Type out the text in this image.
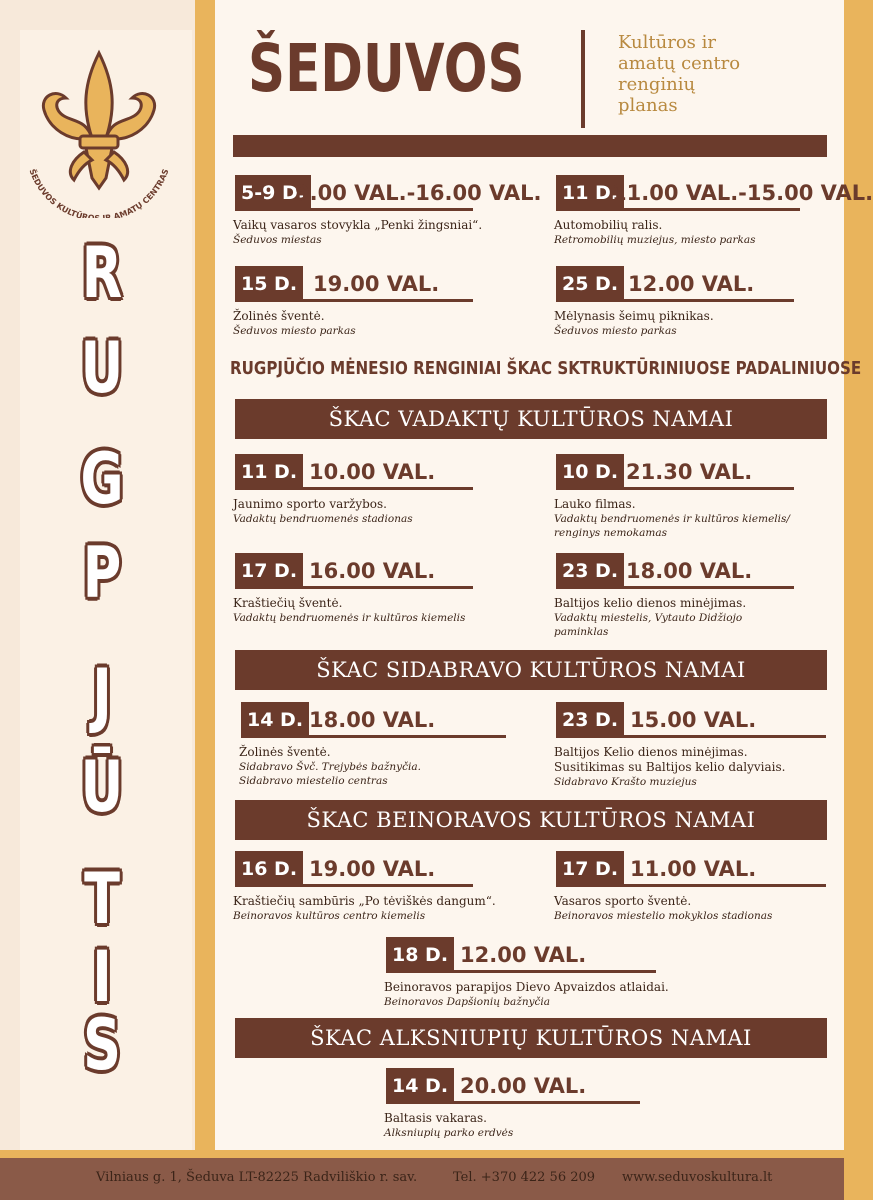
ŠEDUVOS KULTŪR R AMATŲ CENTRAS
R
U
G
P
J
Ū
T
I
S
ŠEDUVOS	Kultūros ir
amatų centro
renginių
planas
RUGPJŪČIO MĖNESIO RENGINIAI ŠKAC SKTRUKTŪRINIUOSE PADALINIUOSE
ŠKAC VADAKTŲ KULTŪROS NAMAI
ŠKAC SIDABRAVO KULTŪROS NAMAI
ŠKAC BEINORAVOS KULTŪROS NAMAI
ŠKAC ALKSNIUPIŲ KULTŪROS NAMAI
5-9 D.
9.00 VAL.-16.00 VAL.
Vaikų vasaros stovykla „Penki žingsniai“.
Šeduvos miestas
11 D.
11.00 VAL.-15.00 VAL.
Automobilių ralis.
Retromobilių muziejus, miesto parkas
15 D. 19.00 VAL.
Žolinės šventė.
Šeduvos miesto parkas
25 D. 12.00 VAL.
Mėlynasis šeimų piknikas.
Šeduvos miesto parkas
11 D. 10.00 VAL.
Jaunimo sporto varžybos.
Vadaktų bendruomenės stadionas
10 D. 21.30 VAL.
Lauko filmas.
Vadaktų bendruomenės ir kultūros kiemelis/
renginys nemokamas
17 D. 16.00 VAL.
Kraštiečių šventė.
Vadaktų bendruomenės ir kultūros kiemelis
23 D. 18.00 VAL.
Baltijos kelio dienos minėjimas.
Vadaktų miestelis, Vytauto Didžiojo
paminklas
14 D. 18.00 VAL.
Žolinės šventė.
Sidabravo Švč. Trejybės bažnyčia.
Sidabravo miestelio centras
23 D. 15.00 VAL.
Baltijos Kelio dienos minėjimas.
Susitikimas su Baltijos kelio dalyviais.
Sidabravo Krašto muziejus
16 D. 19.00 VAL.
Kraštiečių sambūris „Po tėviškės dangum“.
Beinoravos kultūros centro kiemelis
17 D. 11.00 VAL.
Vasaros sporto šventė.
Beinoravos miestelio mokyklos stadionas
18 D. 12.00 VAL.
Beinoravos parapijos Dievo Apvaizdos atlaidai.
Beinoravos Dapšionių bažnyčia
14 D. 20.00 VAL.
Baltasis vakaras.
Alksniupių parko erdvės
Vilniaus g. 1, Šeduva LT-82225 Radviliškio r. sav.	Tel. +370 422 56 209 www.seduvoskultura.lt
